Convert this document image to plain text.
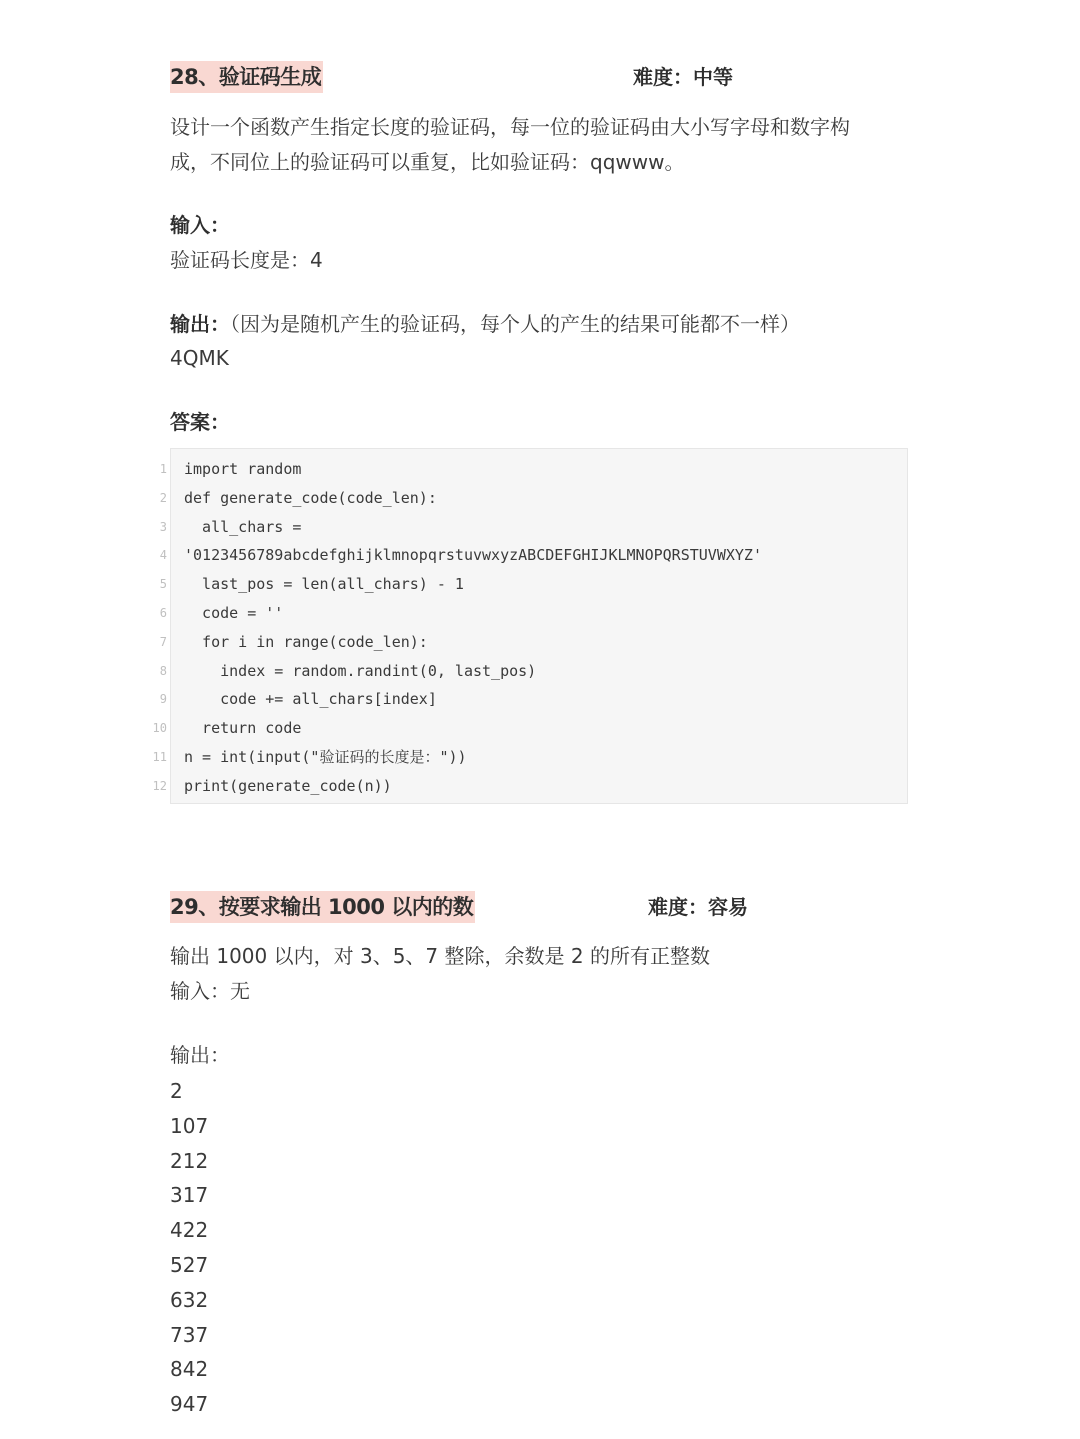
28、验证码生成	难度：中等

设计一个函数产生指定长度的验证码，每一位的验证码由大小写字母和数字构

成，不同位上的验证码可以重复，比如验证码：qqwww。

输入：

验证码长度是：4

输出：（因为是随机产生的验证码，每个人的产生的结果可能都不一样）

4QMK

答案：

1 import random
2 def generate_code(code_len):
3 all_chars =
4 '0123456789abcdefghijklmnopqrstuvwxyzABCDEFGHIJKLMNOPQRSTUVWXYZ'
5 last_pos = len(all_chars) - 1
6 code = ''
7 for i in range(code_len):
8 index = random.randint(0, last_pos)
9 code += all_chars[index]
10 return code
11 n = int(input("验证码的长度是："))
12 print(generate_code(n))
29、按要求输出 1000 以内的数	难度：容易

输出 1000 以内，对 3、5、7 整除，余数是 2 的所有正整数

输入：无

输出：

2
107
212
317
422
527
632
737
842
947
